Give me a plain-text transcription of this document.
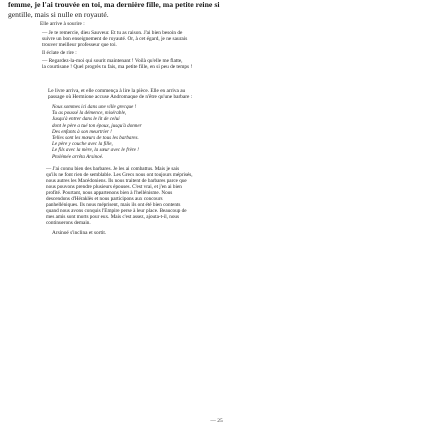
femme, je l'ai trouvée en toi, ma dernière fille, ma petite reine si
gentille, mais si nulle en royauté.

Elle arrive à sourire :

— Je te remercie, dieu Sauveur. Et tu as raison. J'ai bien besoin de
suivre un bon enseignement de royauté. Or, à cet égard, je ne saurais
trouver meilleur professeur que toi.

Il éclate de rire :

— Regardez-la-moi qui sourit maintenant ! Voilà qu'elle me flatte,
la courtisane ! Quel progrès tu fais, ma petite fille, en si peu de temps !

Le livre arriva, et elle commença à lire la pièce. Elle en arriva au
passage où Hermione accuse Andromaque de n'être qu'une barbare :

Nous sommes ici dans une ville grecque !
Tu as poussé la démence, misérable,
Jusqu'à entrer dans le lit de celui
dont le père a tué ton époux, jusqu'à donner
Des enfants à son meurtrier !
Telles sont les mœurs de tous les barbares.
Le père y couche avec la fille,
Le fils avec la mère, la sœur avec le frère !
Ptolémée arrêta Arsinoé.

— J'ai connu bien des barbares. Je les ai combattus. Mais je sais
qu'ils ne font rien de semblable. Les Grecs nous ont toujours méprisés,
nous autres les Macédoniens. Ils nous traitent de barbares parce que
nous pouvons prendre plusieurs épouses. C'est vrai, et j'en ai bien
profité. Pourtant, nous appartenons bien à l'hellénisme. Nous
descendons d'Héraklès et nous participons aux concours
panhelléniques. Ils nous méprisent, mais ils ont été bien contents
quand nous avons conquis l'Empire perse à leur place. Beaucoup de
mes amis sont morts pour eux. Mais c'est assez, ajouta-t-il, nous
continuerons demain.

Arsinoé s'inclina et sortit.

— 25
